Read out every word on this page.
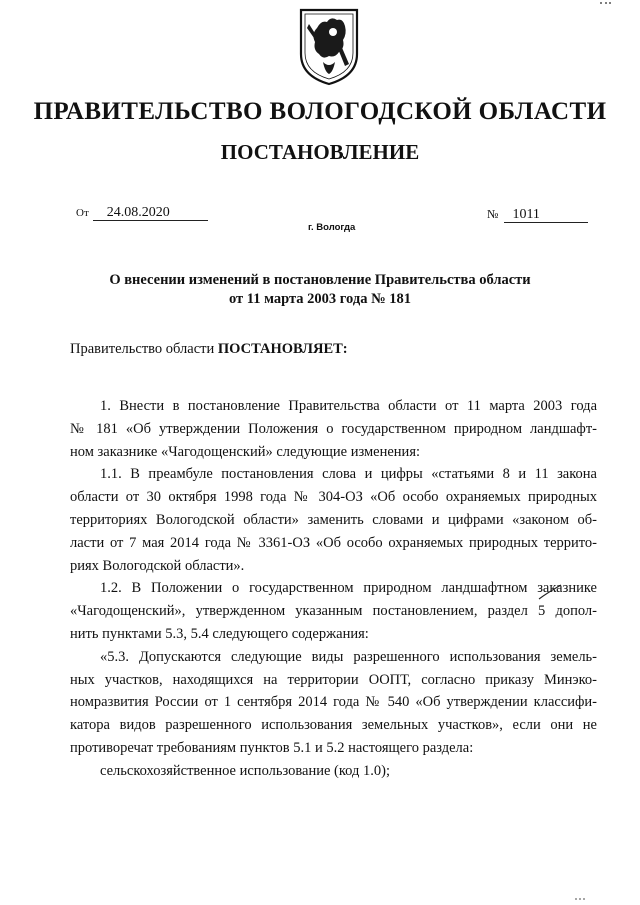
ПРАВИТЕЛЬСТВО ВОЛОГОДСКОЙ ОБЛАСТИ
ПОСТАНОВЛЕНИЕ
От 24.08.2020	№ 1011
г. Вологда
О внесении изменений в постановление Правительства области
от 11 марта 2003 года № 181
Правительство области ПОСТАНОВЛЯЕТ:
1. Внести в постановление Правительства области от 11 марта 2003 года
№ 181 «Об утверждении Положения о государственном природном ландшафт-
ном заказнике «Чагодощенский» следующие изменения:
1.1. В преамбуле постановления слова и цифры «статьями 8 и 11 закона
области от 30 октября 1998 года № 304-ОЗ «Об особо охраняемых природных
территориях Вологодской области» заменить словами и цифрами «законом об-
ласти от 7 мая 2014 года № 3361-ОЗ «Об особо охраняемых природных террито-
риях Вологодской области».
1.2. В Положении о государственном природном ландшафтном заказнике
«Чагодощенский», утвержденном указанным постановлением, раздел 5 допол-
нить пунктами 5.3, 5.4 следующего содержания:
«5.3. Допускаются следующие виды разрешенного использования земель-
ных участков, находящихся на территории ООПТ, согласно приказу Минэко-
номразвития России от 1 сентября 2014 года № 540 «Об утверждении классифи-
катора видов разрешенного использования земельных участков», если они не
противоречат требованиям пунктов 5.1 и 5.2 настоящего раздела:
сельскохозяйственное использование (код 1.0);
